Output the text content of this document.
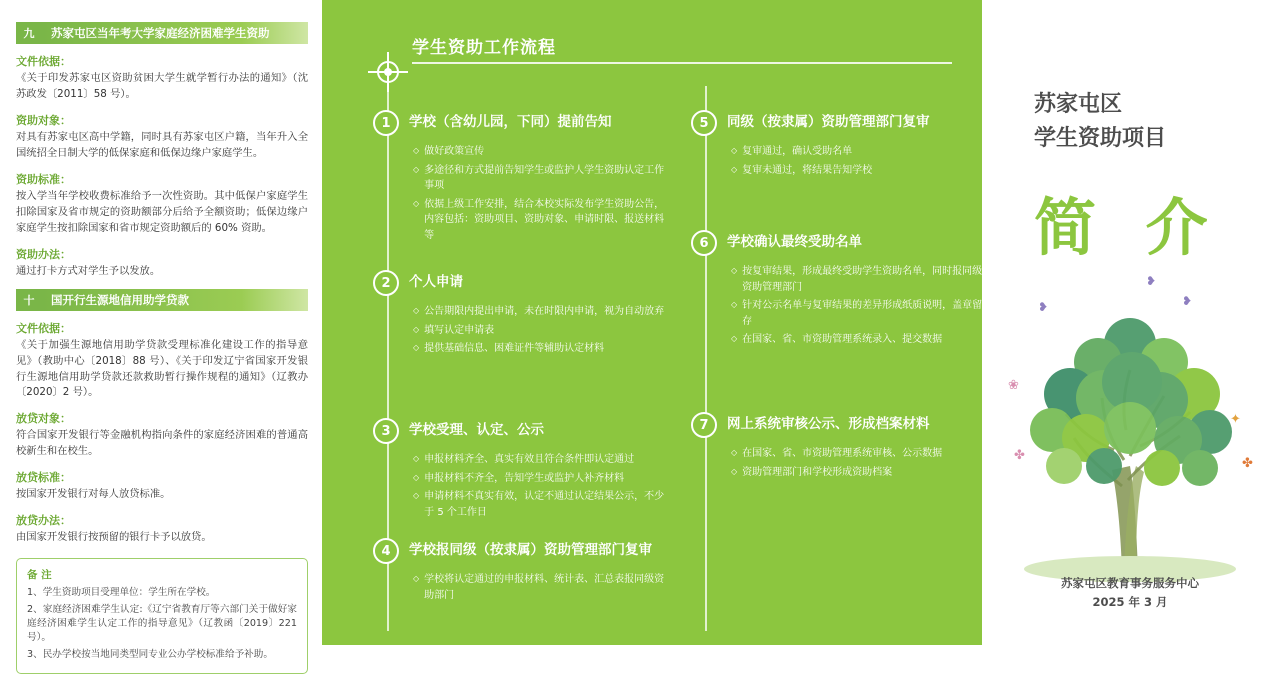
九	苏家屯区当年考大学家庭经济困难学生资助
文件依据：
《关于印发苏家屯区资助贫困大学生就学暂行办法的通知》（沈苏政发〔2011〕58 号）。
资助对象：
对具有苏家屯区高中学籍，同时具有苏家屯区户籍，当年升入全国统招全日制大学的低保家庭和低保边缘户家庭学生。
资助标准：
按入学当年学校收费标准给予一次性资助。其中低保户家庭学生扣除国家及省市规定的资助额部分后给予全额资助；低保边缘户家庭学生按扣除国家和省市规定资助额后的 60% 资助。
资助办法：
通过打卡方式对学生予以发放。
十	国开行生源地信用助学贷款
文件依据：
《关于加强生源地信用助学贷款受理标准化建设工作的指导意见》（教助中心〔2018〕88 号）、《关于印发辽宁省国家开发银行生源地信用助学贷款还款救助暂行操作规程的通知》（辽教办〔2020〕2 号）。
放贷对象：
符合国家开发银行等金融机构指向条件的家庭经济困难的普通高校新生和在校生。
放贷标准：
按国家开发银行对每人放贷标准。
放贷办法：
由国家开发银行按预留的银行卡予以放贷。
备 注
1、学生资助项目受理单位：学生所在学校。
2、家庭经济困难学生认定:《辽宁省教育厅等六部门关于做好家庭经济困难学生认定工作的指导意见》（辽教函〔2019〕221 号）。
3、民办学校按当地同类型同专业公办学校标准给予补助。
学生资助工作流程
1	学校（含幼儿园，下同）提前告知
◇ 做好政策宣传
◇ 多途径和方式提前告知学生或监护人学生资助认定工作事项
◇ 依据上级工作安排，结合本校实际发布学生资助公告，内容包括：资助项目、资助对象、申请时限、报送材料等
2	个人申请
◇ 公告期限内提出申请，未在时限内申请，视为自动放弃
◇ 填写认定申请表
◇ 提供基础信息、困难证件等辅助认定材料
3	学校受理、认定、公示
◇ 申报材料齐全、真实有效且符合条件即认定通过
◇ 申报材料不齐全，告知学生或监护人补齐材料
◇ 申请材料不真实有效，认定不通过认定结果公示，不少于 5 个工作日
4	学校报同级（按隶属）资助管理部门复审
◇ 学校将认定通过的申报材料、统计表、汇总表报同级资助部门
5	同级（按隶属）资助管理部门复审
◇ 复审通过，确认受助名单
◇ 复审未通过，将结果告知学校
6	学校确认最终受助名单
◇ 按复审结果，形成最终受助学生资助名单，同时报同级资助管理部门
◇ 针对公示名单与复审结果的差异形成纸质说明，盖章留存
◇ 在国家、省、市资助管理系统录入、提交数据
7	网上系统审核公示、形成档案材料
◇ 在国家、省、市资助管理系统审核、公示数据
◇ 资助管理部门和学校形成资助档案
苏家屯区
学生资助项目
简 介
❀
✦
✤
✤
❥
❥
❥
苏家屯区教育事务服务中心
2025 年 3 月
